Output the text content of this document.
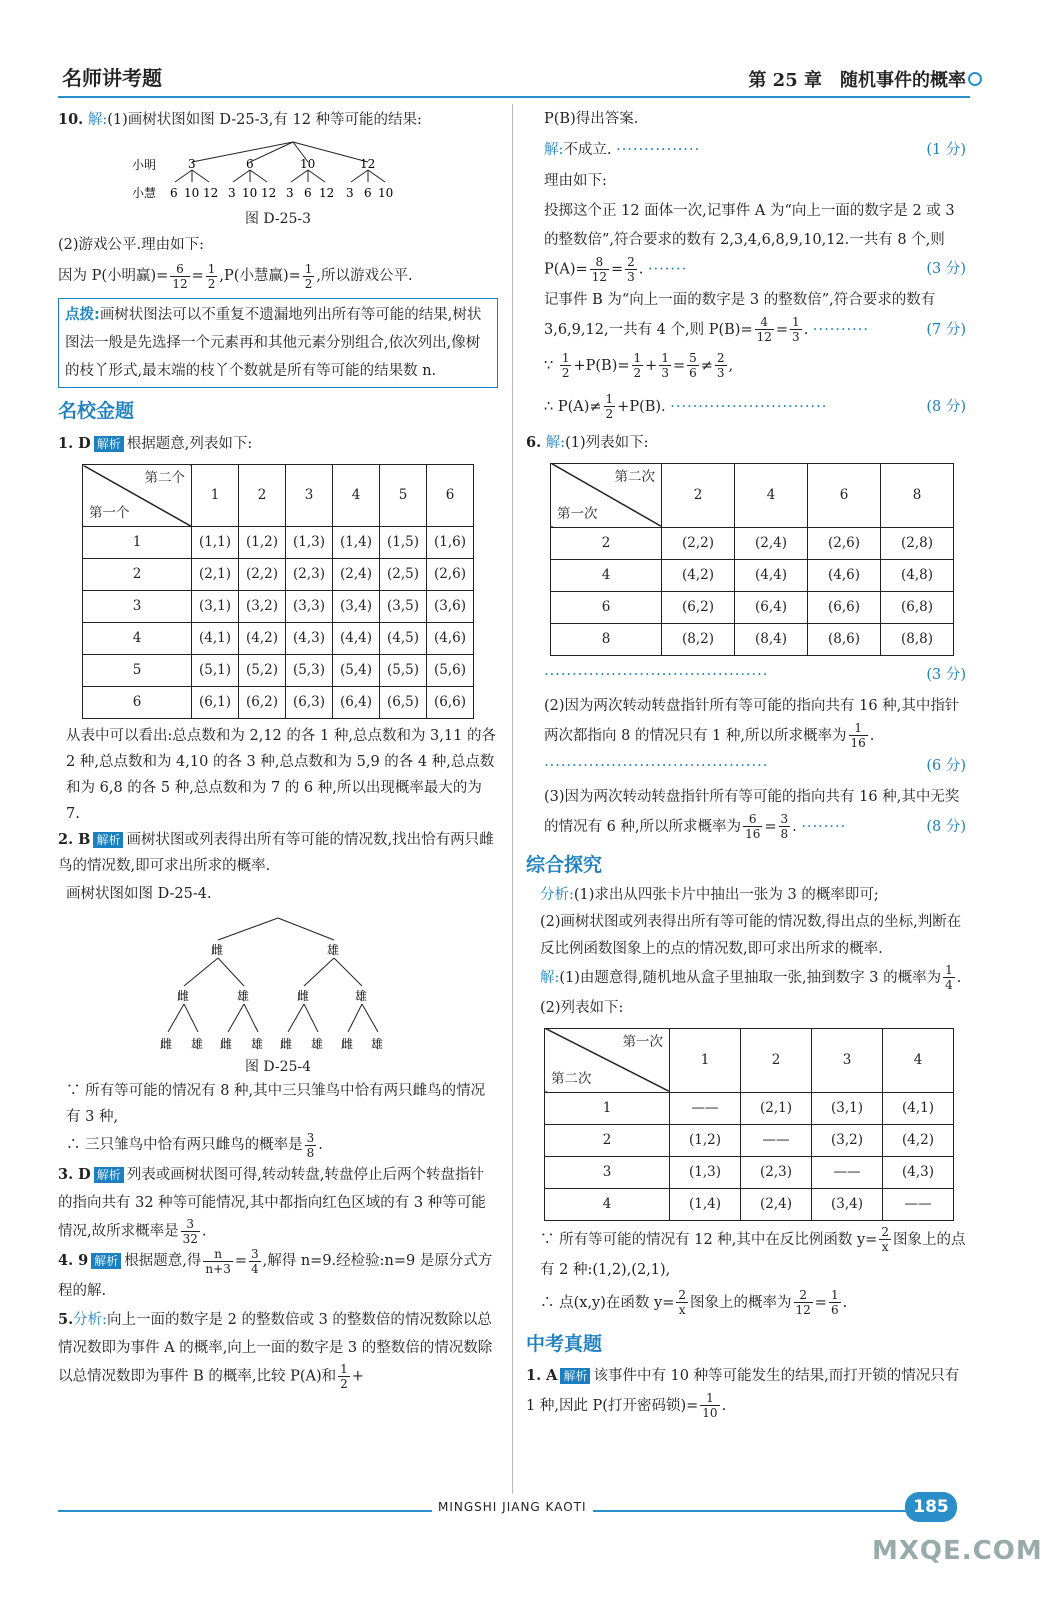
名师讲考题	第 25 章　随机事件的概率

10. 解:(1)画树状图如图 D-25-3,有 12 种等可能的结果:

小明
小慧
3	6	10	12
6 10 12 3 10 12 3 6 12 3 6 10
图 D-25-3

(2)游戏公平.理由如下:

因为 P(小明赢)= $\frac{6}{12} = \frac{1}{2} ,P$(小慧赢)= $\frac{1}{2}$ ,所以游戏公平.

点拨:画树状图法可以不重复不遗漏地列出所有等可能的结果,树状图法一般是先选择一个元素再和其他元素分别组合,依次列出,像树的枝丫形式,最末端的枝丫个数就是所有等可能的结果数 n.
名校金题

1. D 解析 根据题意,列表如下:

第二个
第一个	1	2	3	4	5	6
1	(1,1)	(1,2)	(1,3)	(1,4)	(1,5)	(1,6)
2	(2,1)	(2,2)	(2,3)	(2,4)	(2,5)	(2,6)
3	(3,1)	(3,2)	(3,3)	(3,4)	(3,5)	(3,6)
4	(4,1)	(4,2)	(4,3)	(4,4)	(4,5)	(4,6)
5	(5,1)	(5,2)	(5,3)	(5,4)	(5,5)	(5,6)
6	(6,1)	(6,2)	(6,3)	(6,4)	(6,5)	(6,6)

从表中可以看出:总点数和为 2,12 的各 1 种,总点数和为 3,11 的各 2 种,总点数和为 4,10 的各 3 种,总点数和为 5,9 的各 4 种,总点数和为 6,8 的各 5 种,总点数和为 7 的 6 种,所以出现概率最大的为 7.

2. B 解析 画树状图或列表得出所有等可能的情况数,找出恰有两只雌鸟的情况数,即可求出所求的概率.

画树状图如图 D-25-4.

雌	雄
雌	雄	雌	雄
雌 雄 雌 雄 雌 雄 雌 雄
图 D-25-4

∵ 所有等可能的情况有 8 种,其中三只雏鸟中恰有两只雌鸟的情况有 3 种,

∴ 三只雏鸟中恰有两只雌鸟的概率是 $\frac{3}{8}$ .

3. D 解析 列表或画树状图可得,转动转盘,转盘停止后两个转盘指针的指向共有 32 种等可能情况,其中都指向红色区域的有 3 种等可能情况,故所求概率是 $\frac{3}{32}$ .

4. 9 解析 根据题意,得 $\frac{n}{n+3} = \frac{3}{4}$ ,解得 n=9.经检验:n=9 是原分式方程的解.

5.分析:向上一面的数字是 2 的整数倍或 3 的整数倍的情况数除以总情况数即为事件 A 的概率,向上一面的数字是 3 的整数倍的情况数除以总情况数即为事件 B 的概率,比较 P(A)和 $\frac{1}{2}$ +

P(B)得出答案.

解:不成立. ···············	(1 分)

理由如下:

投掷这个正 12 面体一次,记事件 A 为“向上一面的数字是 2 或 3 的整数倍”,符合要求的数有 2,3,4,6,8,9,10,12.一共有 8 个,则$P(A)= \frac{8}{12} = \frac{2}{3}$ . ·······	(3 分)

记事件 B 为“向上一面的数字是 3 的整数倍”,符合要求的数有 3,6,9,12,一共有 4 个,则 $P(B)= \frac{4}{12} = \frac{1}{3}$ . ··········	(7 分)

∵ $\frac{1}{2} +P(B)= \frac{1}{2} + \frac{1}{3} = \frac{5}{6} \ne \frac{2}{3}$ ,

∴ $P(A)\ne \frac{1}{2} +P(B)$. ····························	(8 分)

6. 解:(1)列表如下:

第二次
第一次	2	4	6	8
2	(2,2)	(2,4)	(2,6)	(2,8)
4	(4,2)	(4,4)	(4,6)	(4,8)
6	(6,2)	(6,4)	(6,6)	(6,8)
8	(8,2)	(8,4)	(8,6)	(8,8)

········································	(3 分)

(2)因为两次转动转盘指针所有等可能的指向共有 16 种,其中指针两次都指向 8 的情况只有 1 种,所以所求概率为 $\frac{1}{16}$ .

········································	(6 分)

(3)因为两次转动转盘指针所有等可能的指向共有 16 种,其中无奖的情况有 6 种,所以所求概率为 $\frac{6}{16} = \frac{3}{8}$ . ········	(8 分)

综合探究

分析:(1)求出从四张卡片中抽出一张为 3 的概率即可;

(2)画树状图或列表得出所有等可能的情况数,得出点的坐标,判断在反比例函数图象上的点的情况数,即可求出所求的概率.

解:(1)由题意得,随机地从盒子里抽取一张,抽到数字 3 的概率为 $\frac{1}{4}$ .

(2)列表如下:

第一次
第二次	1	2	3	4
1	——	(2,1)	(3,1)	(4,1)
2	(1,2)	——	(3,2)	(4,2)
3	(1,3)	(2,3)	——	(4,3)
4	(1,4)	(2,4)	(3,4)	——

∵ 所有等可能的情况有 12 种,其中在反比例函数 $y= \frac{2}{x}$ 图象上的点有 2 种:(1,2),(2,1),

∴ 点(x,y)在函数 $y= \frac{2}{x}$ 图象上的概率为 $\frac{2}{12} = \frac{1}{6}$ .

中考真题

1. A 解析 该事件中有 10 种等可能发生的结果,而打开锁的情况只有 1 种,因此 P(打开密码锁)= $\frac{1}{10}$ .

MINGSHI JIANG KAOTI	185
MXQE.COM
